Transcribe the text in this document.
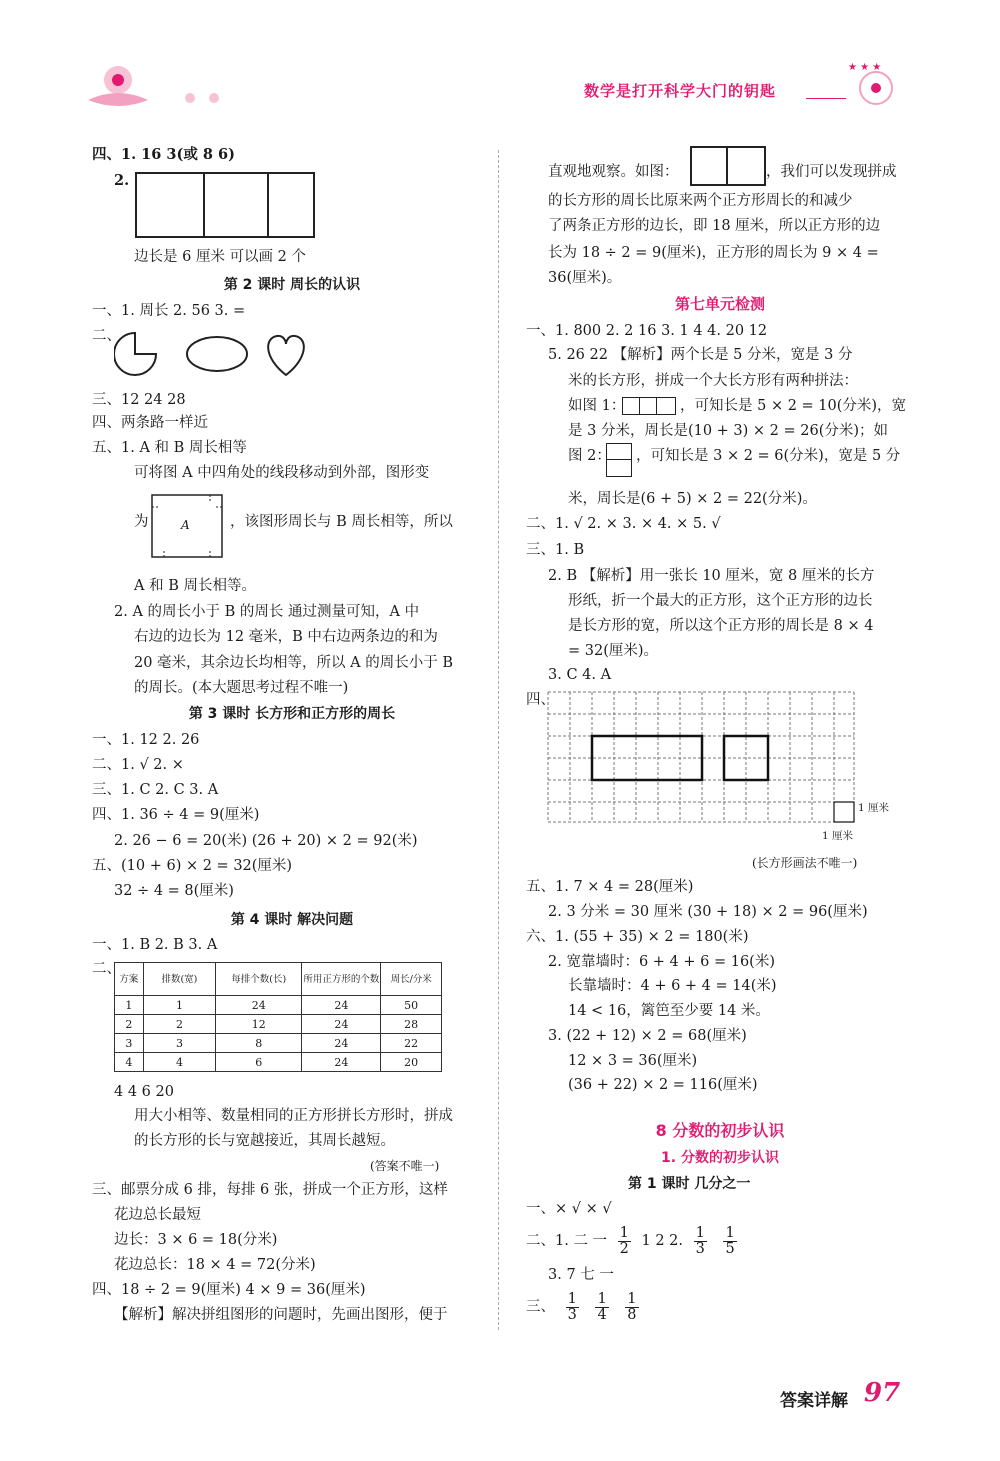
数学是打开科学大门的钥匙
★ ★ ★
四、1. 16 3(或 8 6)
2.
边长是 6 厘米 可以画 2 个
第 2 课时 周长的认识
一、1. 周长 2. 56 3. =
二、
三、12 24 28
四、两条路一样近
五、1. A 和 B 周长相等
可将图 A 中四角处的线段移动到外部，图形变
为	A	，该图形周长与 B 周长相等，所以
A 和 B 周长相等。
2. A 的周长小于 B 的周长 通过测量可知，A 中
右边的边长为 12 毫米，B 中右边两条边的和为
20 毫米，其余边长均相等，所以 A 的周长小于 B
的周长。(本大题思考过程不唯一)
第 3 课时 长方形和正方形的周长
一、1. 12 2. 26
二、1. √ 2. ×
三、1. C 2. C 3. A
四、1. 36 ÷ 4 = 9(厘米)
2. 26 − 6 = 20(米) (26 + 20) × 2 = 92(米)
五、(10 + 6) × 2 = 32(厘米)
32 ÷ 4 = 8(厘米)
第 4 课时 解决问题
一、1. B 2. B 3. A
二、
方案	排数(宽)	每排个数(长)	所用正方形的个数	周长/分米
1	1	24	24	50
2	2	12	24	28
3	3	8	24	22
4	4	6	24	20
4 4 6 20
用大小相等、数量相同的正方形拼长方形时，拼成
的长方形的长与宽越接近，其周长越短。
(答案不唯一)
三、邮票分成 6 排，每排 6 张，拼成一个正方形，这样
花边总长最短
边长：3 × 6 = 18(分米)
花边总长：18 × 4 = 72(分米)
四、18 ÷ 2 = 9(厘米) 4 × 9 = 36(厘米)
【解析】解决拼组图形的问题时，先画出图形，便于
直观地观察。如图：	，我们可以发现拼成
的长方形的周长比原来两个正方形周长的和减少
了两条正方形的边长，即 18 厘米，所以正方形的边
长为 18 ÷ 2 = 9(厘米)，正方形的周长为 9 × 4 =
36(厘米)。
第七单元检测
一、1. 800 2. 2 16 3. 1 4 4. 20 12
5. 26 22 【解析】两个长是 5 分米，宽是 3 分
米的长方形，拼成一个大长方形有两种拼法：
如图 1：	，可知长是 5 × 2 = 10(分米)，宽
是 3 分米，周长是(10 + 3) × 2 = 26(分米)；如
图 2： ，可知长是 3 × 2 = 6(分米)，宽是 5 分
米，周长是(6 + 5) × 2 = 22(分米)。
二、1. √ 2. × 3. × 4. × 5. √
三、1. B
2. B 【解析】用一张长 10 厘米，宽 8 厘米的长方
形纸，折一个最大的正方形，这个正方形的边长
是长方形的宽，所以这个正方形的周长是 8 × 4
= 32(厘米)。
3. C 4. A
四、
1 厘米
1 厘米
(长方形画法不唯一)
五、1. 7 × 4 = 28(厘米)
2. 3 分米 = 30 厘米 (30 + 18) × 2 = 96(厘米)
六、1. (55 + 35) × 2 = 180(米)
2. 宽靠墙时：6 + 4 + 6 = 16(米)
长靠墙时：4 + 6 + 4 = 14(米)
14 < 16，篱笆至少要 14 米。
3. (22 + 12) × 2 = 68(厘米)
12 × 3 = 36(厘米)
(36 + 22) × 2 = 116(厘米)
8 分数的初步认识
1. 分数的初步认识
第 1 课时 几分之一
一、× √ × √
二、1. 二 一 $\frac{1}{2} 1$ 2 2. $\frac{1}{3}$
$\frac{1}{5}$
3. 7 七 一
三、 $\frac{1}{3}$
$\frac{1}{4}$
$\frac{1}{8}$
答案详解 97
